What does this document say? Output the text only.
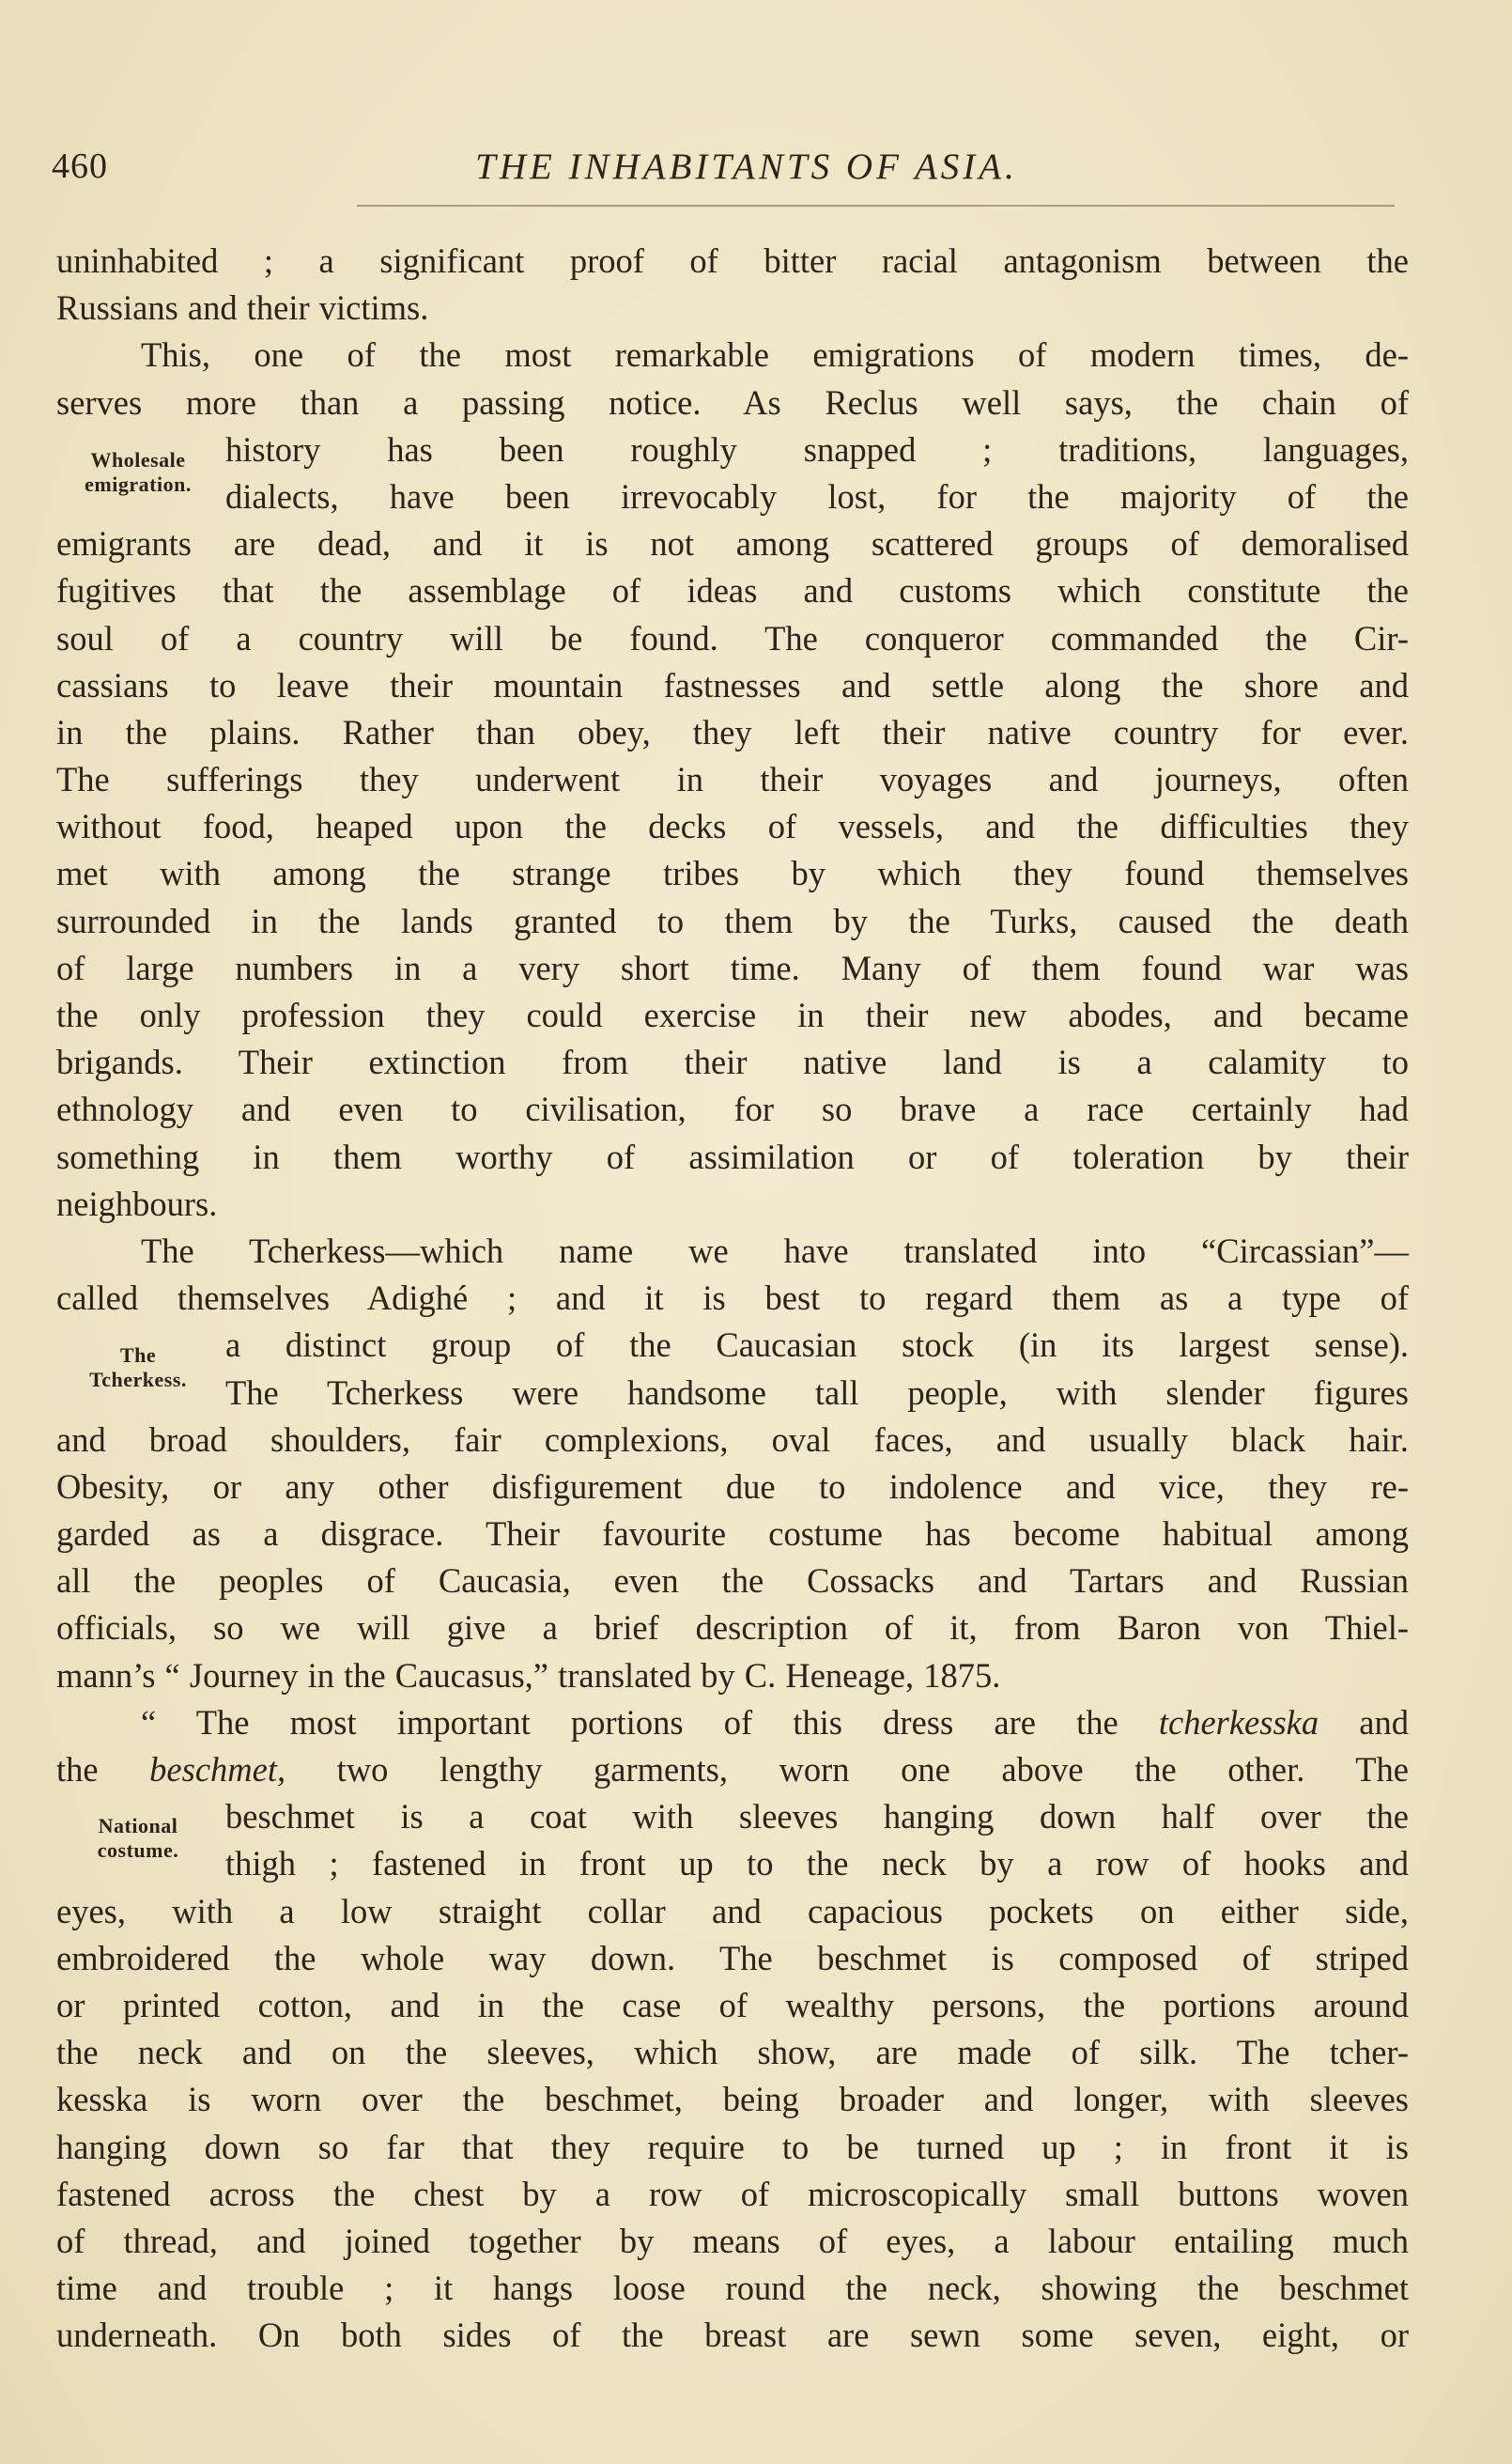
460	THE INHABITANTS OF ASIA.
Wholesale
emigration.
The
Tcherkess.
National
costume.
uninhabited ; a significant proof of bitter racial antagonism between the
Russians and their victims.
This, one of the most remarkable emigrations of modern times, de-
serves more than a passing notice. As Reclus well says, the chain of
history has been roughly snapped ; traditions, languages,
dialects, have been irrevocably lost, for the majority of the
emigrants are dead, and it is not among scattered groups of demoralised
fugitives that the assemblage of ideas and customs which constitute the
soul of a country will be found. The conqueror commanded the Cir-
cassians to leave their mountain fastnesses and settle along the shore and
in the plains. Rather than obey, they left their native country for ever.
The sufferings they underwent in their voyages and journeys, often
without food, heaped upon the decks of vessels, and the difficulties they
met with among the strange tribes by which they found themselves
surrounded in the lands granted to them by the Turks, caused the death
of large numbers in a very short time. Many of them found war was
the only profession they could exercise in their new abodes, and became
brigands. Their extinction from their native land is a calamity to
ethnology and even to civilisation, for so brave a race certainly had
something in them worthy of assimilation or of toleration by their
neighbours.
The Tcherkess—which name we have translated into “Circassian”—
called themselves Adighé ; and it is best to regard them as a type of
a distinct group of the Caucasian stock (in its largest sense).
The Tcherkess were handsome tall people, with slender figures
and broad shoulders, fair complexions, oval faces, and usually black hair.
Obesity, or any other disfigurement due to indolence and vice, they re-
garded as a disgrace. Their favourite costume has become habitual among
all the peoples of Caucasia, even the Cossacks and Tartars and Russian
officials, so we will give a brief description of it, from Baron von Thiel-
mann’s “ Journey in the Caucasus,” translated by C. Heneage, 1875.
“ The most important portions of this dress are the tcherkesska and
the beschmet, two lengthy garments, worn one above the other. The
beschmet is a coat with sleeves hanging down half over the
thigh ; fastened in front up to the neck by a row of hooks and
eyes, with a low straight collar and capacious pockets on either side,
embroidered the whole way down. The beschmet is composed of striped
or printed cotton, and in the case of wealthy persons, the portions around
the neck and on the sleeves, which show, are made of silk. The tcher-
kesska is worn over the beschmet, being broader and longer, with sleeves
hanging down so far that they require to be turned up ; in front it is
fastened across the chest by a row of microscopically small buttons woven
of thread, and joined together by means of eyes, a labour entailing much
time and trouble ; it hangs loose round the neck, showing the beschmet
underneath. On both sides of the breast are sewn some seven, eight, or
